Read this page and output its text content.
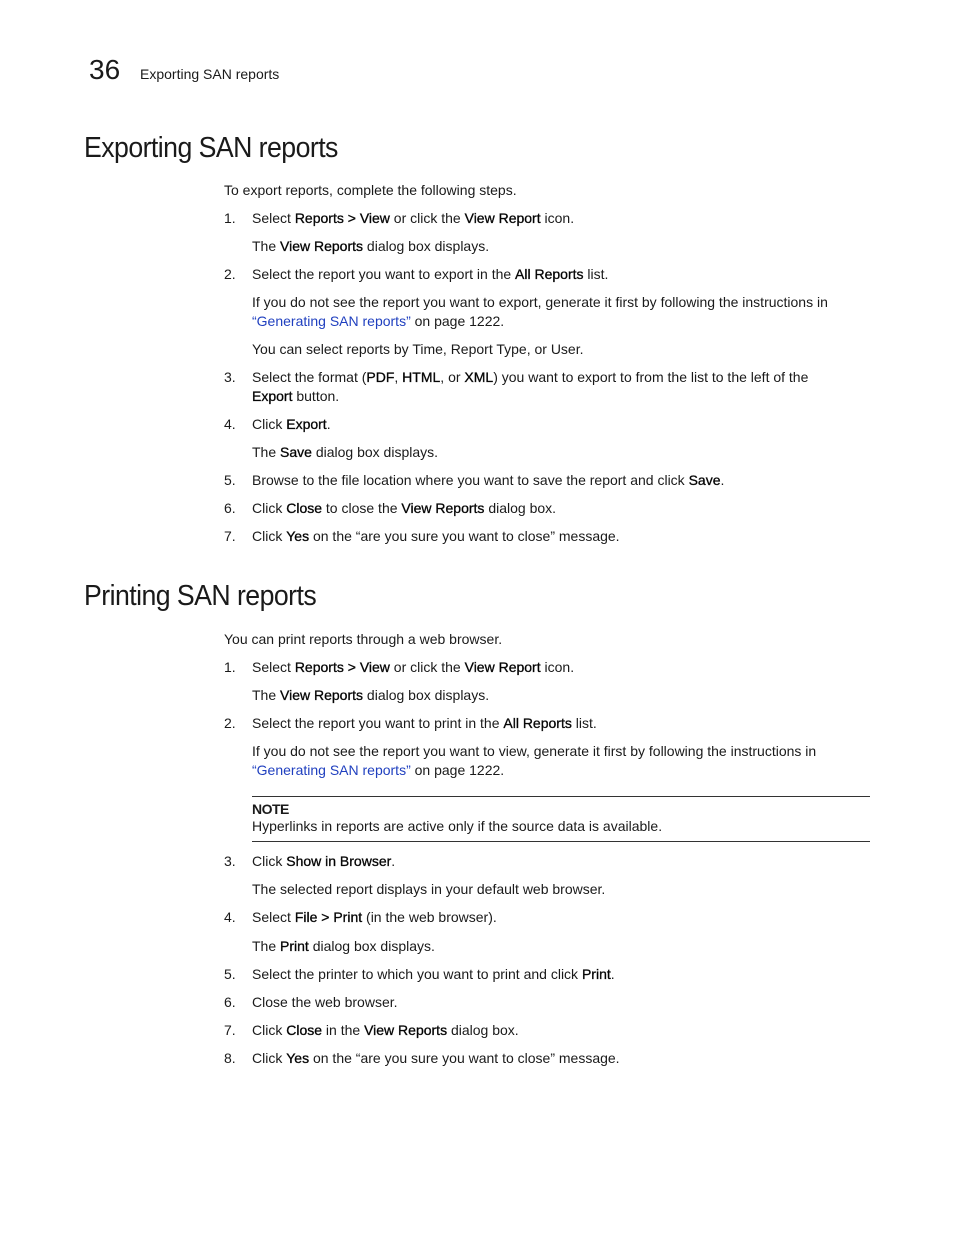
36 Exporting SAN reports
Exporting SAN reports
To export reports, complete the following steps.
1. Select Reports > View or click the View Report icon.
The View Reports dialog box displays.
2. Select the report you want to export in the All Reports list.
If you do not see the report you want to export, generate it first by following the instructions in
“Generating SAN reports” on page 1222.
You can select reports by Time, Report Type, or User.
3. Select the format (PDF, HTML, or XML) you want to export to from the list to the left of the
Export button.
4. Click Export.
The Save dialog box displays.
5. Browse to the file location where you want to save the report and click Save.
6. Click Close to close the View Reports dialog box.
7. Click Yes on the “are you sure you want to close” message.
Printing SAN reports
You can print reports through a web browser.
1. Select Reports > View or click the View Report icon.
The View Reports dialog box displays.
2. Select the report you want to print in the All Reports list.
If you do not see the report you want to view, generate it first by following the instructions in
“Generating SAN reports” on page 1222.
NOTE
Hyperlinks in reports are active only if the source data is available.
3. Click Show in Browser.
The selected report displays in your default web browser.
4. Select File > Print (in the web browser).
The Print dialog box displays.
5. Select the printer to which you want to print and click Print.
6. Close the web browser.
7. Click Close in the View Reports dialog box.
8. Click Yes on the “are you sure you want to close” message.
